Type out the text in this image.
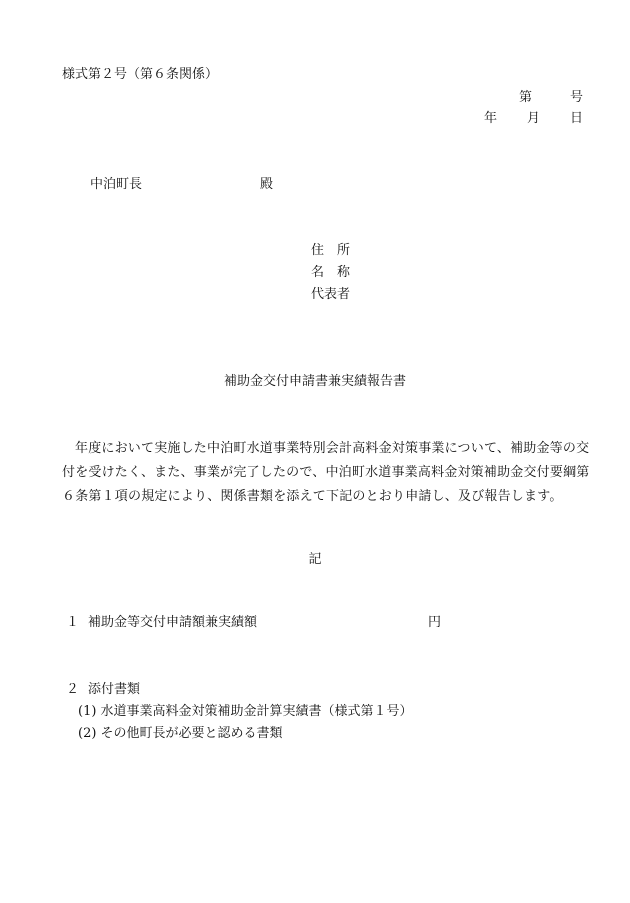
様式第２号（第６条関係）
第	号
年 月 日
中泊町長	殿
住　所
名　称
代表者
補助金交付申請書兼実績報告書
年度において実施した中泊町水道事業特別会計高料金対策事業について、補助金等の交付を受けたく、また、事業が完了したので、中泊町水道事業高料金対策補助金交付要綱第６条第１項の規定により、関係書類を添えて下記のとおり申請し、及び報告します。
記
１ 補助金等交付申請額兼実績額	円
２ 添付書類
(1) 水道事業高料金対策補助金計算実績書（様式第１号）
(2) その他町長が必要と認める書類
